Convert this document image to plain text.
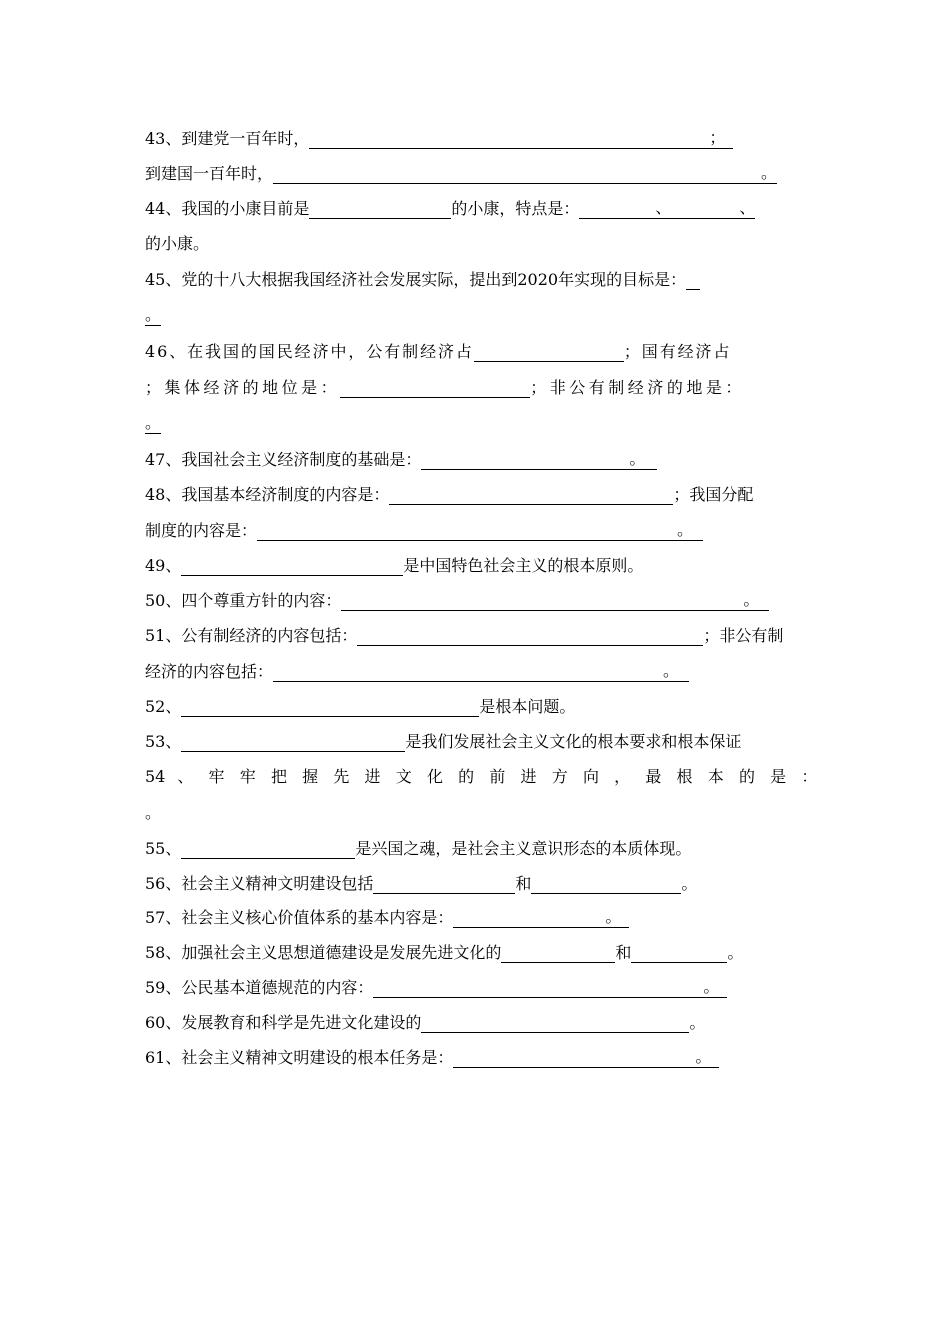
43、 到建党一百年时，	；
到建国一百年时，	。
44、 我国的小康目前是	的小康，特点是：	、	、
的小康。
45、 党的十八大根据我国经济社会发展实际，提出到2020年实现的目标是：
。
46、 在我国的国民经济中，公有制经济占	；国有经济占
；集体经济的地位是：	；非公有制经济的地是：
。
47、 我国社会主义经济制度的基础是：	。
48、 我国基本经济制度的内容是：	；我国分配
制度的内容是：	。
49、	是中国特色社会主义的根本原则。
50、 四个尊重方针的内容：	。
51、 公有制经济的内容包括：	；非公有制
经济的内容包括：	。
52、	是根本问题。
53、	是我们发展社会主义文化的根本要求和根本保证
54 、牢牢把握先进文化的前进方向，最根本的是：
。
55、	是兴国之魂，是社会主义意识形态的本质体现。
56、 社会主义精神文明建设包括	和	。
57、 社会主义核心价值体系的基本内容是：	。
58、 加强社会主义思想道德建设是发展先进文化的	和	。
59、 公民基本道德规范的内容：	。
60、 发展教育和科学是先进文化建设的	。
61、 社会主义精神文明建设的根本任务是：	。
